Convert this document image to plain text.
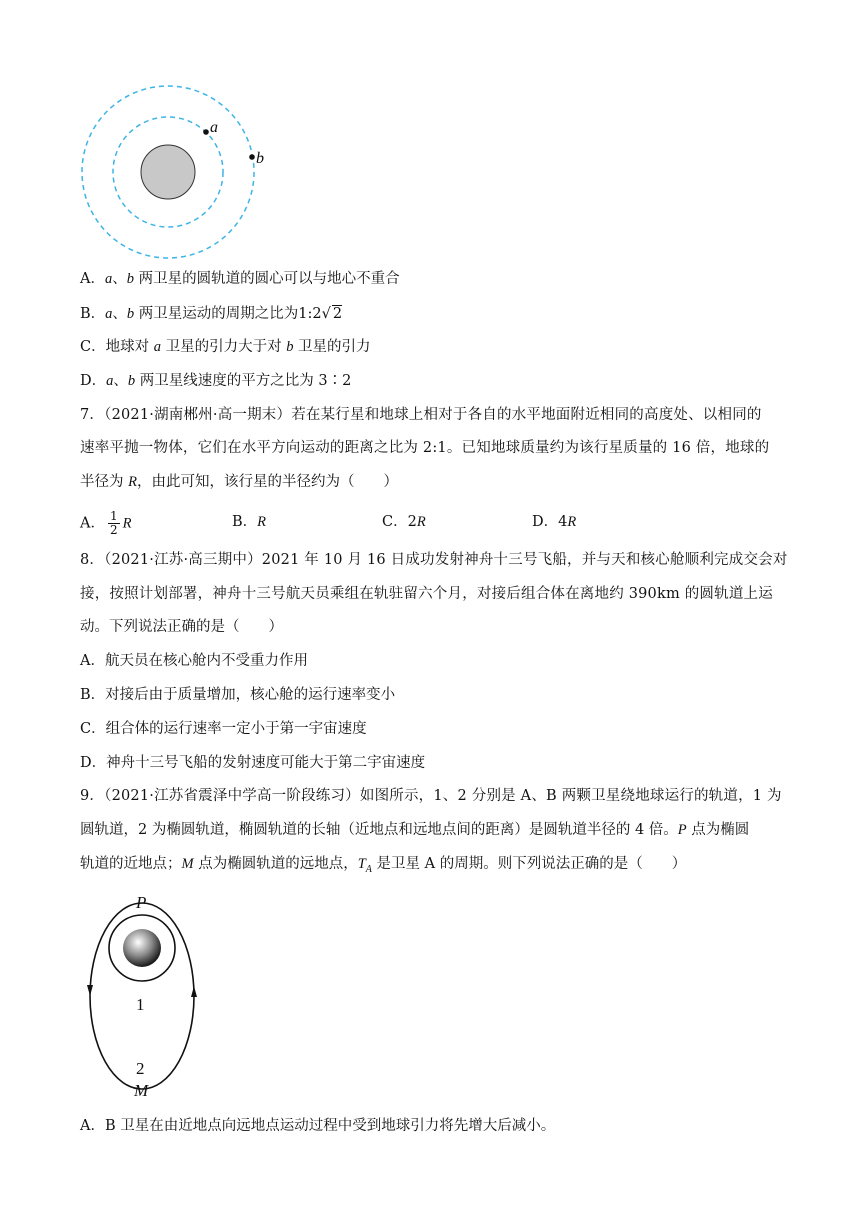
a
b
A．a、b 两卫星的圆轨道的圆心可以与地心不重合
B．a、b 两卫星运动的周期之比为1:2√ 2
C．地球对 a 卫星的引力大于对 b 卫星的引力
D．a、b 两卫星线速度的平方之比为 3∶2
7．（2021·湖南郴州·高一期末）若在某行星和地球上相对于各自的水平地面附近相同的高度处、以相同的
速率平抛一物体，它们在水平方向运动的距离之比为 2:1。已知地球质量约为该行星质量的 16 倍，地球的
半径为 R，由此可知，该行星的半径约为（　　）
A． $\frac{1}{2}$ R	B．R	C．2R	D．4R
8．（2021·江苏·高三期中）2021 年 10 月 16 日成功发射神舟十三号飞船，并与天和核心舱顺利完成交会对
接，按照计划部署，神舟十三号航天员乘组在轨驻留六个月，对接后组合体在离地约 390km 的圆轨道上运
动。下列说法正确的是（　　）
A．航天员在核心舱内不受重力作用
B．对接后由于质量增加，核心舱的运行速率变小
C．组合体的运行速率一定小于第一宇宙速度
D．神舟十三号飞船的发射速度可能大于第二宇宙速度
9．（2021·江苏省震泽中学高一阶段练习）如图所示，1、2 分别是 A、B 两颗卫星绕地球运行的轨道，1 为
圆轨道，2 为椭圆轨道，椭圆轨道的长轴（近地点和远地点间的距离）是圆轨道半径的 4 倍。P 点为椭圆
轨道的近地点；M 点为椭圆轨道的远地点，$T_A$ 是卫星 A 的周期。则下列说法正确的是（　　）
P
1
2
M
A．B 卫星在由近地点向远地点运动过程中受到地球引力将先增大后减小。
